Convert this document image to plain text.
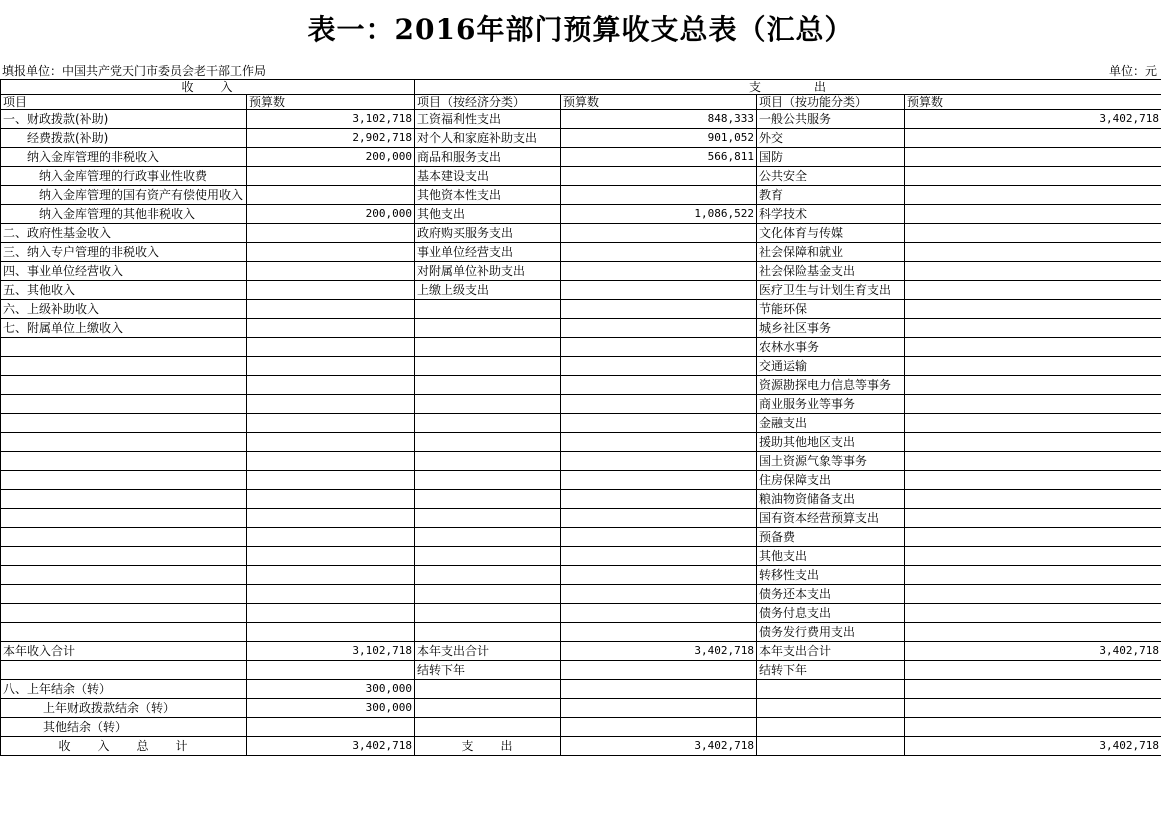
表一：2016年部门预算收支总表（汇总）
填报单位：中国共产党天门市委员会老干部工作局	单位：元
收　　入		支　　　　出			
项目	预算数	项目（按经济分类）	预算数	项目（按功能分类）	预算数
一、财政拨款(补助)	3,102,718	工资福利性支出	848,333	一般公共服务	3,402,718
经费拨款(补助)	2,902,718	对个人和家庭补助支出	901,052	外交	
纳入金库管理的非税收入	200,000	商品和服务支出	566,811	国防	
纳入金库管理的行政事业性收费		基本建设支出		公共安全	
纳入金库管理的国有资产有偿使用收入		其他资本性支出		教育	
纳入金库管理的其他非税收入	200,000	其他支出	1,086,522	科学技术	
二、政府性基金收入		政府购买服务支出		文化体育与传媒	
三、纳入专户管理的非税收入		事业单位经营支出		社会保障和就业	
四、事业单位经营收入		对附属单位补助支出		社会保险基金支出	
五、其他收入		上缴上级支出		医疗卫生与计划生育支出	
六、上级补助收入				节能环保	
七、附属单位上缴收入				城乡社区事务	
				农林水事务	
				交通运输	
				资源勘探电力信息等事务	
				商业服务业等事务	
				金融支出	
				援助其他地区支出	
				国土资源气象等事务	
				住房保障支出	
				粮油物资储备支出	
				国有资本经营预算支出	
				预备费	
				其他支出	
				转移性支出	
				债务还本支出	
				债务付息支出	
				债务发行费用支出	
本年收入合计	3,102,718	本年支出合计	3,402,718	本年支出合计	3,402,718
		结转下年		结转下年	
八、上年结余（转）	300,000				
上年财政拨款结余（转）	300,000				
其他结余（转）					
收　　入　　总　　计	3,402,718	支　　出	3,402,718		3,402,718
